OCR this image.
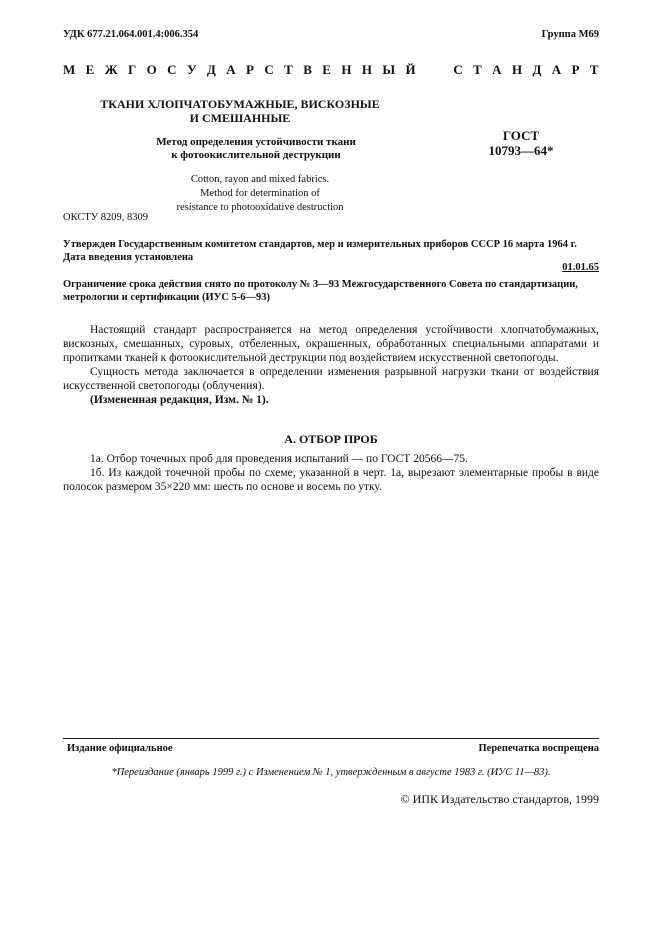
УДК 677.21.064.001.4:006.354	Группа М69
М Е Ж Г О С У Д А Р С Т В Е Н Н Ы Й

	С Т А Н Д А Р Т
ТКАНИ ХЛОПЧАТОБУМАЖНЫЕ, ВИСКОЗНЫЕ
И СМЕШАННЫЕ
Метод определения устойчивости ткани
к фотоокислительной деструкции
ГОСТ
10793—64*
Cotton, rayon and mixed fabrics.
Method for determination of
resistance to photooxidative destruction
ОКСТУ 8209, 8309
Утвержден Государственным комитетом стандартов, мер и измерительных приборов СССР 16 марта 1964 г. Дата введения установлена
01.01.65
Ограничение срока действия снято по протоколу № 3—93 Межгосударственного Совета по стандартизации, метрологии и сертификации (ИУС 5-6—93)

Настоящий стандарт распространяется на метод определения устойчивости хлопчатобумажных, вискозных, смешанных, суровых, отбеленных, окрашенных, обработанных специальными аппаратами и пропитками тканей к фотоокислительной деструкции под воздействием искусственной светопогоды.

Сущность метода заключается в определении изменения разрывной нагрузки ткани от воздействия искусственной светопогоды (облучения).

(Измененная редакция, Изм. № 1).

А. ОТБОР ПРОБ

1а. Отбор точечных проб для проведения испытаний — по ГОСТ 20566—75.

1б. Из каждой точечной пробы по схеме, указанной в черт. 1а, вырезают элементарные пробы в виде полосок размером 35×220 мм: шесть по основе и восемь по утку.

Издание официальное	Перепечатка воспрещена
*Переиздание (январь 1999 г.) с Изменением № 1, утвержденным в августе 1983 г. (ИУС 11—83).
© ИПК Издательство стандартов, 1999
